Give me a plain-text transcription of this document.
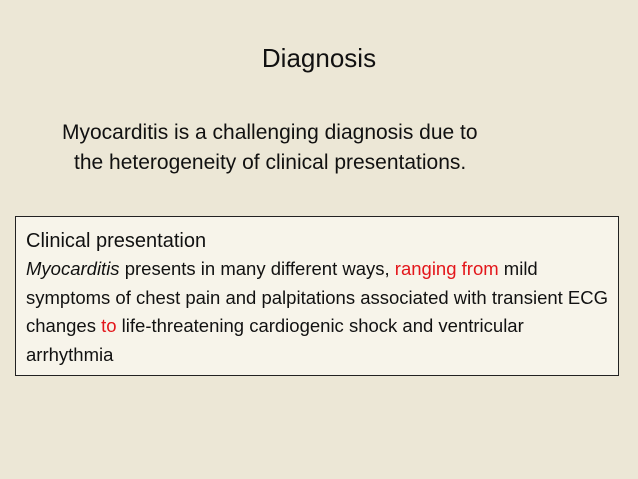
Diagnosis
Myocarditis is a challenging diagnosis due to
the heterogeneity of clinical presentations.
Clinical presentation
Myocarditis presents in many different ways, ranging from mild symptoms of chest pain and palpitations associated with transient ECG changes to life-threatening cardiogenic shock and ventricular arrhythmia
